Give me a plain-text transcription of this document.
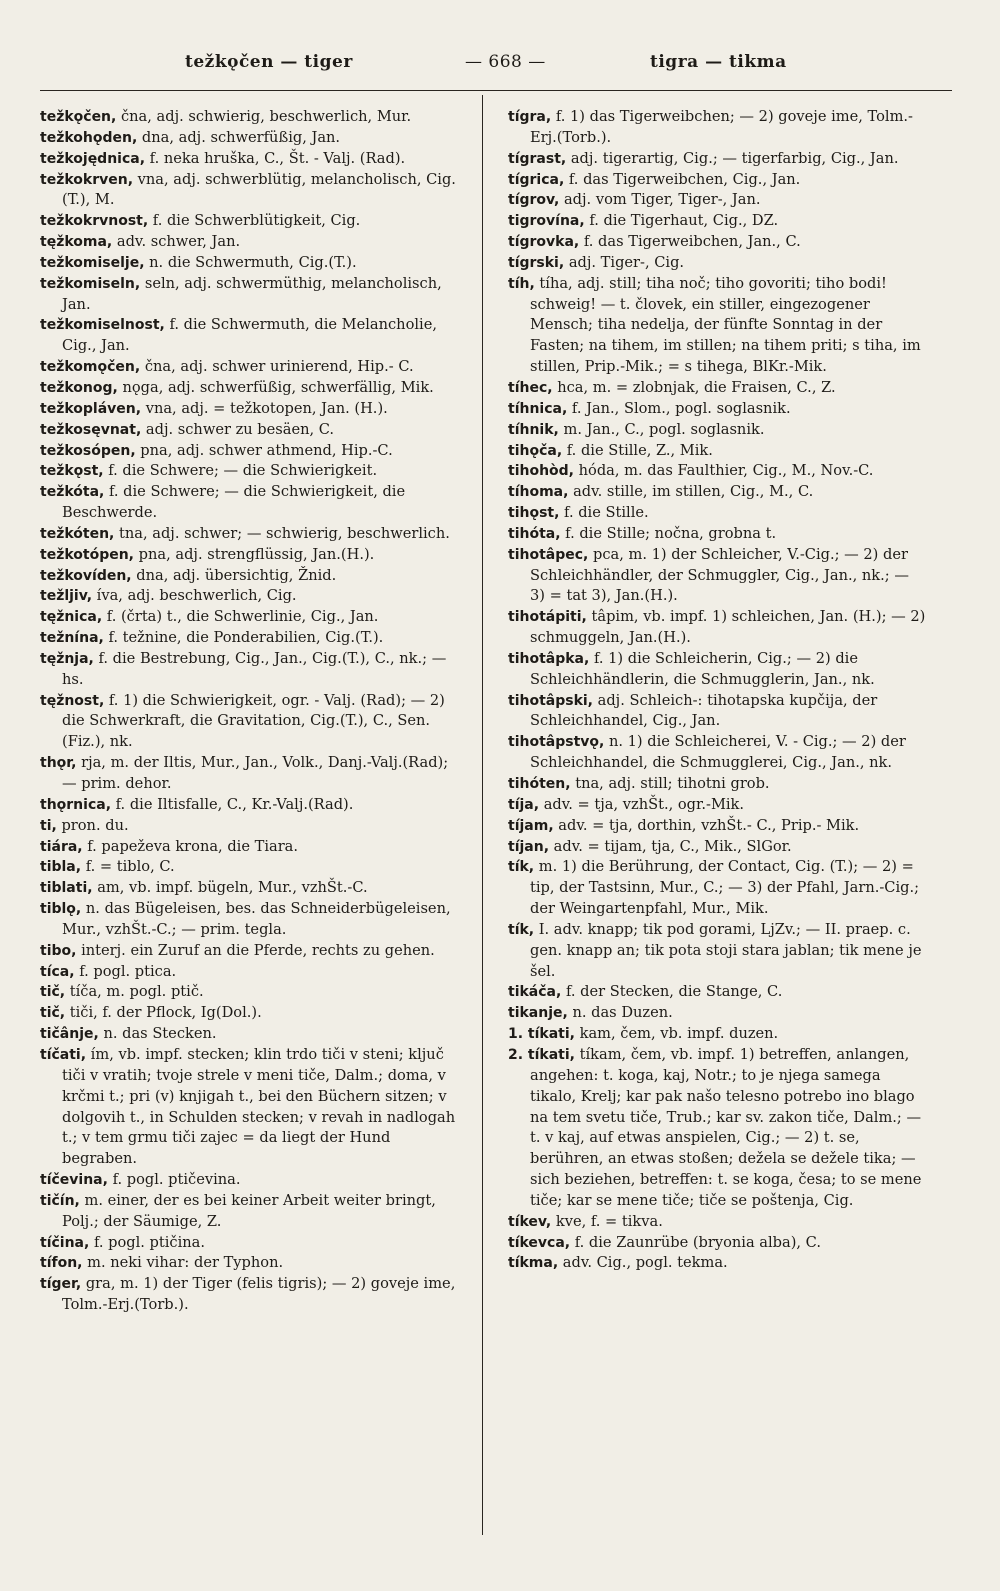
težkǫčen — tiger	— 668 —	tigra — tikma

težkǫčen, čna, adj. schwierig, beschwerlich, Mur.

težkohǫden, dna, adj. schwerfüßig, Jan.

težkojędnica, f. neka hruška, C., Št. - Valj. (Rad).

težkokrven, vna, adj. schwerblütig, melancholisch, Cig. (T.), M.

težkokrvnost, f. die Schwerblütigkeit, Cig.

tęžkoma, adv. schwer, Jan.

težkomiselje, n. die Schwermuth, Cig.(T.).

težkomiseln, seln, adj. schwermüthig, melancholisch, Jan.

težkomiselnost, f. die Schwermuth, die Melancholie, Cig., Jan.

težkomǫčen, čna, adj. schwer urinierend, Hip.- C.

težkonog, nǫga, adj. schwerfüßig, schwerfällig, Mik.

težkopláven, vna, adj. = težkotopen, Jan. (H.).

težkosęvnat, adj. schwer zu besäen, C.

težkosópen, pna, adj. schwer athmend, Hip.-C.

težkǫst, f. die Schwere; — die Schwierigkeit.

težkóta, f. die Schwere; — die Schwierigkeit, die Beschwerde.

težkóten, tna, adj. schwer; — schwierig, beschwerlich.

težkotópen, pna, adj. strengflüssig, Jan.(H.).

težkovíden, dna, adj. übersichtig, Žnid.

težljiv, íva, adj. beschwerlich, Cig.

tęžnica, f. (črta) t., die Schwerlinie, Cig., Jan.

težnína, f. težnine, die Ponderabilien, Cig.(T.).

tęžnja, f. die Bestrebung, Cig., Jan., Cig.(T.), C., nk.; — hs.

tęžnost, f. 1) die Schwierigkeit, ogr. - Valj. (Rad); — 2) die Schwerkraft, die Gravitation, Cig.(T.), C., Sen.(Fiz.), nk.

thǫr, rja, m. der Iltis, Mur., Jan., Volk., Danj.-Valj.(Rad); — prim. dehor.

thǫrnica, f. die Iltisfalle, C., Kr.-Valj.(Rad).

ti, pron. du.

tiára, f. papeževa krona, die Tiara.

tibla, f. = tiblo, C.

tiblati, am, vb. impf. bügeln, Mur., vzhŠt.-C.

tiblǫ, n. das Bügeleisen, bes. das Schneiderbügeleisen, Mur., vzhŠt.-C.; — prim. tegla.

tibo, interj. ein Zuruf an die Pferde, rechts zu gehen.

tíca, f. pogl. ptica.

tič, tíča, m. pogl. ptič.

tič, tiči, f. der Pflock, Ig(Dol.).

tičânje, n. das Stecken.

tíčati, ím, vb. impf. stecken; klin trdo tiči v steni; ključ tiči v vratih; tvoje strele v meni tiče, Dalm.; doma, v krčmi t.; pri (v) knjigah t., bei den Büchern sitzen; v dolgovih t., in Schulden stecken; v revah in nadlogah t.; v tem grmu tiči zajec = da liegt der Hund begraben.

tíčevina, f. pogl. ptičevina.

tičín, m. einer, der es bei keiner Arbeit weiter bringt, Polj.; der Säumige, Z.

tíčina, f. pogl. ptičina.

tífon, m. neki vihar: der Typhon.

tíger, gra, m. 1) der Tiger (felis tigris); — 2) goveje ime, Tolm.-Erj.(Torb.).

tígra, f. 1) das Tigerweibchen; — 2) goveje ime, Tolm.-Erj.(Torb.).

tígrast, adj. tigerartig, Cig.; — tigerfarbig, Cig., Jan.

tígrica, f. das Tigerweibchen, Cig., Jan.

tígrov, adj. vom Tiger, Tiger-, Jan.

tigrovína, f. die Tigerhaut, Cig., DZ.

tígrovka, f. das Tigerweibchen, Jan., C.

tígrski, adj. Tiger-, Cig.

tíh, tíha, adj. still; tiha noč; tiho govoriti; tiho bodi! schweig! — t. človek, ein stiller, eingezogener Mensch; tiha nedelja, der fünfte Sonntag in der Fasten; na tihem, im stillen; na tihem priti; s tiha, im stillen, Prip.-Mik.; = s tihega, BlKr.-Mik.

tíhec, hca, m. = zlobnjak, die Fraisen, C., Z.

tíhnica, f. Jan., Slom., pogl. soglasnik.

tíhnik, m. Jan., C., pogl. soglasnik.

tihǫča, f. die Stille, Z., Mik.

tihohòd, hóda, m. das Faulthier, Cig., M., Nov.-C.

tíhoma, adv. stille, im stillen, Cig., M., C.

tihǫst, f. die Stille.

tihóta, f. die Stille; nočna, grobna t.

tihotâpec, pca, m. 1) der Schleicher, V.-Cig.; — 2) der Schleichhändler, der Schmuggler, Cig., Jan., nk.; — 3) = tat 3), Jan.(H.).

tihotápiti, tâpim, vb. impf. 1) schleichen, Jan. (H.); — 2) schmuggeln, Jan.(H.).

tihotâpka, f. 1) die Schleicherin, Cig.; — 2) die Schleichhändlerin, die Schmugglerin, Jan., nk.

tihotâpski, adj. Schleich-: tihotapska kupčija, der Schleichhandel, Cig., Jan.

tihotâpstvǫ, n. 1) die Schleicherei, V. - Cig.; — 2) der Schleichhandel, die Schmugglerei, Cig., Jan., nk.

tihóten, tna, adj. still; tihotni grob.

tíja, adv. = tja, vzhŠt., ogr.-Mik.

tíjam, adv. = tja, dorthin, vzhŠt.- C., Prip.- Mik.

tíjan, adv. = tijam, tja, C., Mik., SlGor.

tík, m. 1) die Berührung, der Contact, Cig. (T.); — 2) = tip, der Tastsinn, Mur., C.; — 3) der Pfahl, Jarn.-Cig.; der Weingartenpfahl, Mur., Mik.

tík, I. adv. knapp; tik pod gorami, LjZv.; — II. praep. c. gen. knapp an; tik pota stoji stara jablan; tik mene je šel.

tikáča, f. der Stecken, die Stange, C.

tikanje, n. das Duzen.

1. tíkati, kam, čem, vb. impf. duzen.

2. tíkati, tíkam, čem, vb. impf. 1) betreffen, anlangen, angehen: t. koga, kaj, Notr.; to je njega samega tikalo, Krelj; kar pak našo telesno potrebo ino blago na tem svetu tiče, Trub.; kar sv. zakon tiče, Dalm.; — t. v kaj, auf etwas anspielen, Cig.; — 2) t. se, berühren, an etwas stoßen; dežela se deželе tika; — sich beziehen, betreffen: t. se koga, česa; to se mene tiče; kar se mene tiče; tiče se poštenja, Cig.

tíkev, kve, f. = tikva.

tíkevca, f. die Zaunrübe (bryonia alba), C.

tíkma, adv. Cig., pogl. tekma.
